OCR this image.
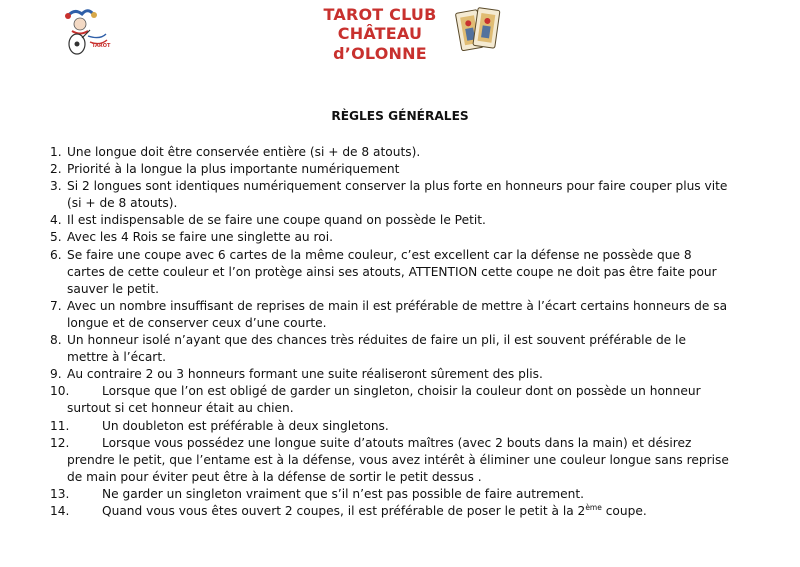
TAROT
TAROT CLUB
CHÂTEAU d’OLONNE
RÈGLES GÉNÉRALES
1. Une longue doit être conservée entière (si + de 8 atouts).
2. Priorité à la longue la plus importante numériquement
3. Si 2 longues sont identiques numériquement conserver la plus forte en honneurs pour faire couper plus vite (si + de 8 atouts).
4. Il est indispensable de se faire une coupe quand on possède le Petit.
5. Avec les 4 Rois se faire une singlette au roi.
6. Se faire une coupe avec 6 cartes de la même couleur, c’est excellent car la défense ne possède que 8 cartes de cette couleur et l’on protège ainsi ses atouts, ATTENTION cette coupe ne doit pas être faite pour sauver le petit.
7. Avec un nombre insuffisant de reprises de main il est préférable de mettre à l’écart certains honneurs de sa longue et de conserver ceux d’une courte.
8. Un honneur isolé n’ayant que des chances très réduites de faire un pli, il est souvent préférable de le mettre à l’écart.
9. Au contraire 2 ou 3 honneurs formant une suite réaliseront sûrement des plis.
10.	Lorsque que l’on est obligé de garder un singleton, choisir la couleur dont on possède un honneur surtout si cet honneur était au chien.
11.	Un doubleton est préférable à deux singletons.
12.	Lorsque vous possédez une longue suite d’atouts maîtres (avec 2 bouts dans la main) et désirez prendre le petit, que l’entame est à la défense, vous avez intérêt à éliminer une couleur longue sans reprise de main pour éviter peut être à la défense de sortir le petit dessus .
13.	Ne garder un singleton vraiment que s’il n’est pas possible de faire autrement.
14.	Quand vous vous êtes ouvert 2 coupes, il est préférable de poser le petit à la 2ème coupe.
